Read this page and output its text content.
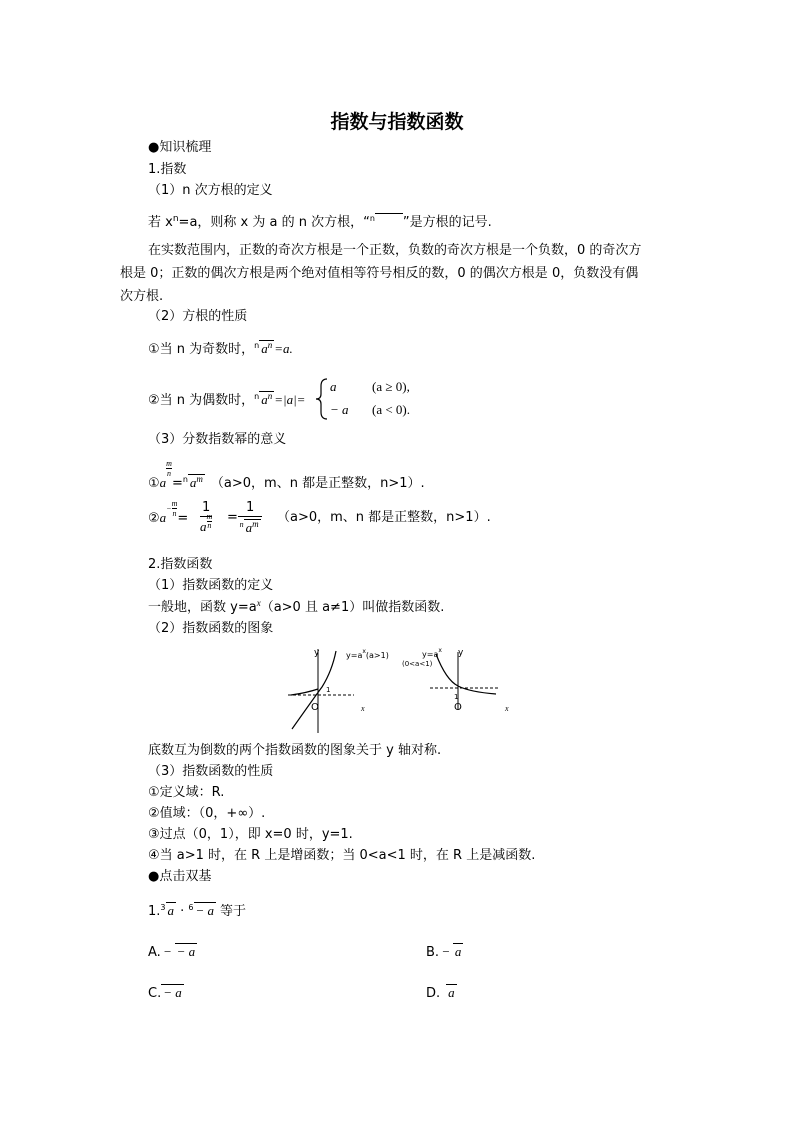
指数与指数函数
●知识梳理
1.指数
（1）n 次方根的定义
若 $x^n=a$，则称 x 为 a 的 n 次方根，“$^n$ ”是方根的记号.
在实数范围内，正数的奇次方根是一个正数，负数的奇次方根是一个负数，0 的奇次方
根是 0；正数的偶次方根是两个绝对值相等符号相反的数，0 的偶次方根是 0，负数没有偶
次方根.
（2）方根的性质
①当 n 为奇数时，$^n$ $a^n =a$.
②当 n 为偶数时，$^n$ $a^n =|a|=$
a	(a ≥ 0),
− a (a < 0).
（3）分数指数幂的意义
①a
$\frac{m}{n}$
=$^n$ $a^m$ （a>0，m、n 都是正整数，n>1）.
$②a^{- \frac{m}{n}}$
= $\frac{1}{a \frac{m}{n}} = \frac{1}{^n a^m} (a>0$，m、n 都是正整数，n>1）.
2.指数函数
（1）指数函数的定义
一般地，函数 $y=a^x(a>0$ 且 a≠1）叫做指数函数.
（2）指数函数的图象
y
O
1
x
$y=a^x(a>1)$	y
O
1
x
$y=a^x$
(0<a<1)
底数互为倒数的两个指数函数的图象关于 y 轴对称.
（3）指数函数的性质
①定义域：R.
②值域：（0，+∞）.
③过点（0，1），即 x=0 时，y=1.
④当 a>1 时，在 R 上是增函数；当 0<a<1 时，在 R 上是减函数.
●点击双基
1.$^3$ a · $^6$ − a 等于
A. − − a	B. − a
C. − a	D. a
